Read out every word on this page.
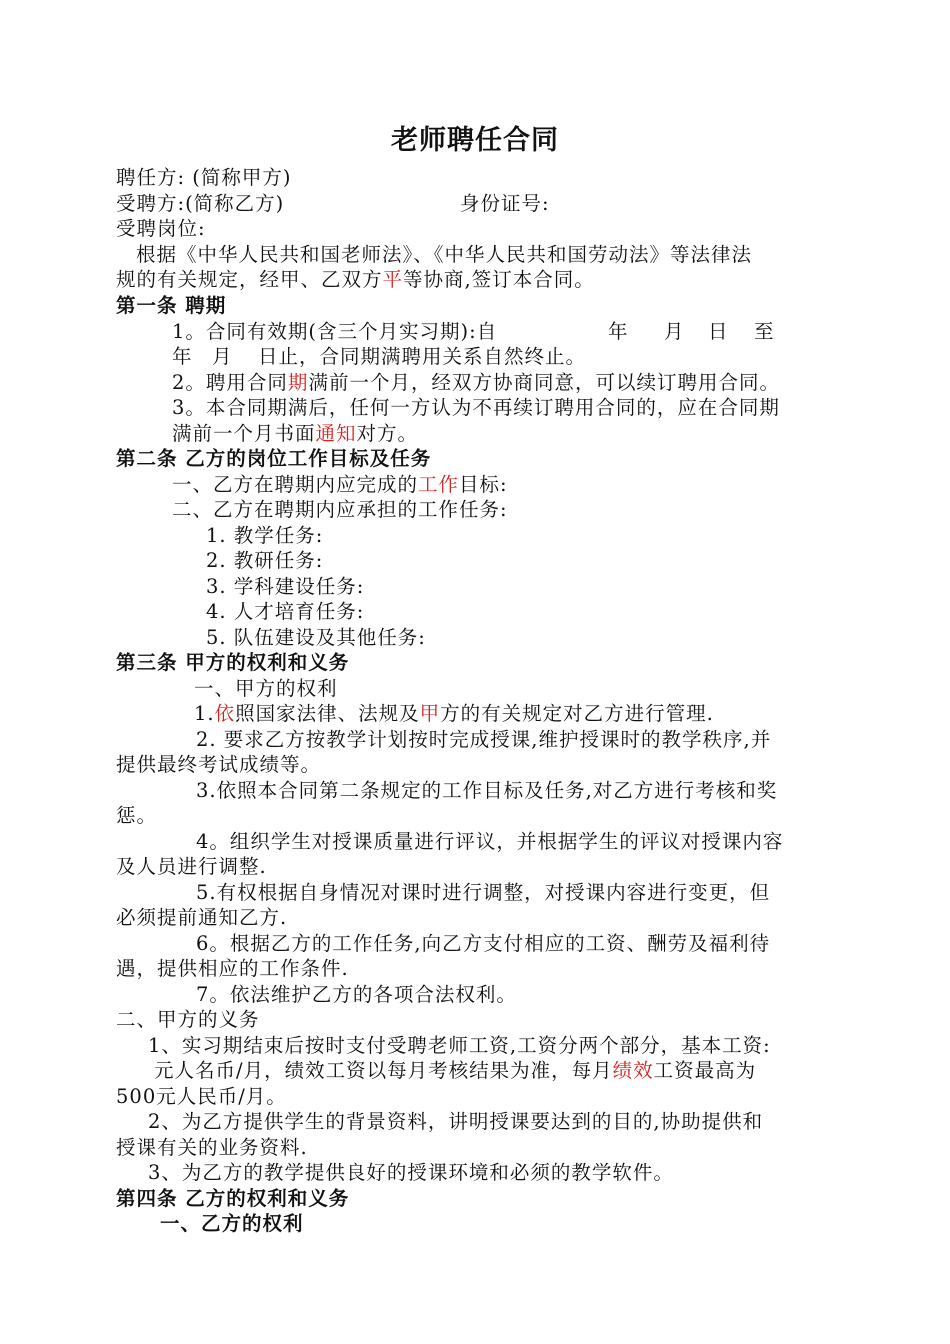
老师聘任合同
聘任方: (简称甲方)
受聘方:(简称乙方)	身份证号:
受聘岗位:
根据《中华人民共和国老师法》、《中华人民共和国劳动法》等法律法
规的有关规定，经甲、乙双方平等协商,签订本合同。
第一条 聘期
1。合同有效期(含三个月实习期):自	年 月 日 至
年 月 日止，合同期满聘用关系自然终止。
2。聘用合同期满前一个月，经双方协商同意，可以续订聘用合同。
3。本合同期满后，任何一方认为不再续订聘用合同的，应在合同期
满前一个月书面通知对方。
第二条 乙方的岗位工作目标及任务
一、乙方在聘期内应完成的工作目标:
二、乙方在聘期内应承担的工作任务:
1. 教学任务:
2. 教研任务:
3. 学科建设任务:
4. 人才培育任务:
5. 队伍建设及其他任务:
第三条 甲方的权利和义务
一、甲方的权利
1.依照国家法律、法规及甲方的有关规定对乙方进行管理.
2. 要求乙方按教学计划按时完成授课,维护授课时的教学秩序,并
提供最终考试成绩等。
3.依照本合同第二条规定的工作目标及任务,对乙方进行考核和奖
惩。
4。组织学生对授课质量进行评议，并根据学生的评议对授课内容
及人员进行调整.
5.有权根据自身情况对课时进行调整，对授课内容进行变更，但
必须提前通知乙方.
6。根据乙方的工作任务,向乙方支付相应的工资、酬劳及福利待
遇，提供相应的工作条件.
7。依法维护乙方的各项合法权利。
二、甲方的义务
1、实习期结束后按时支付受聘老师工资,工资分两个部分，基本工资:
元人名币/月，绩效工资以每月考核结果为准，每月绩效工资最高为
500元人民币/月。
2、为乙方提供学生的背景资料，讲明授课要达到的目的,协助提供和
授课有关的业务资料.
3、为乙方的教学提供良好的授课环境和必须的教学软件。
第四条 乙方的权利和义务
一、乙方的权利
